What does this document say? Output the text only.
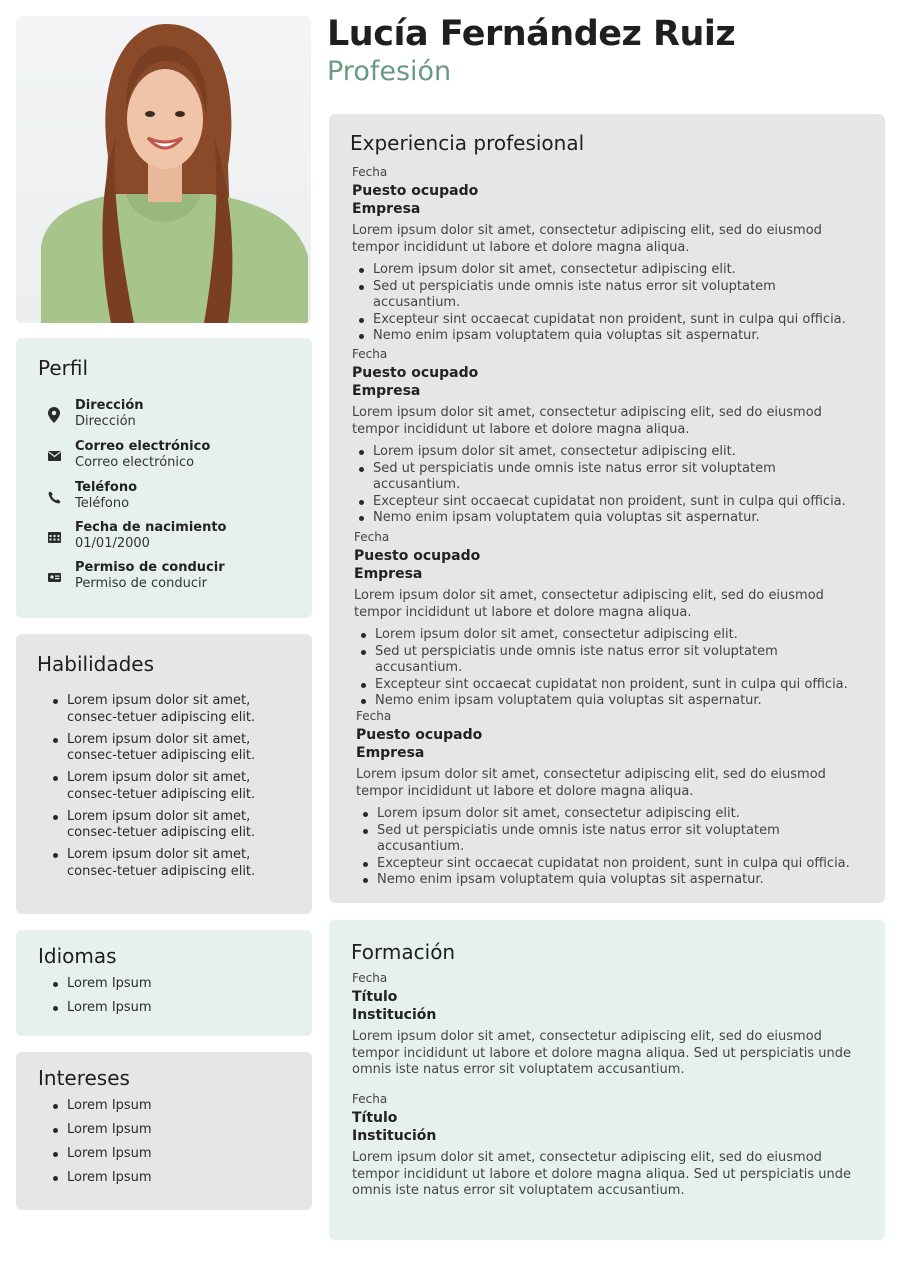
Lucía Fernández Ruiz
Profesión
Perfil
Dirección
Dirección
Correo electrónico
Correo electrónico
Teléfono
Teléfono
Fecha de nacimiento
01/01/2000
Permiso de conducir
Permiso de conducir
Habilidades
Lorem ipsum dolor sit amet, consec-tetuer adipiscing elit.
Lorem ipsum dolor sit amet, consec-tetuer adipiscing elit.
Lorem ipsum dolor sit amet, consec-tetuer adipiscing elit.
Lorem ipsum dolor sit amet, consec-tetuer adipiscing elit.
Lorem ipsum dolor sit amet, consec-tetuer adipiscing elit.
Idiomas
Lorem Ipsum
Lorem Ipsum
Intereses
Lorem Ipsum
Lorem Ipsum
Lorem Ipsum
Lorem Ipsum
Experiencia profesional
Fecha
Puesto ocupado
Empresa
Lorem ipsum dolor sit amet, consectetur adipiscing elit, sed do eiusmod tempor incididunt ut labore et dolore magna aliqua.
Lorem ipsum dolor sit amet, consectetur adipiscing elit.
Sed ut perspiciatis unde omnis iste natus error sit voluptatem accusantium.
Excepteur sint occaecat cupidatat non proident, sunt in culpa qui officia.
Nemo enim ipsam voluptatem quia voluptas sit aspernatur.
Fecha
Puesto ocupado
Empresa
Lorem ipsum dolor sit amet, consectetur adipiscing elit, sed do eiusmod tempor incididunt ut labore et dolore magna aliqua.
Lorem ipsum dolor sit amet, consectetur adipiscing elit.
Sed ut perspiciatis unde omnis iste natus error sit voluptatem accusantium.
Excepteur sint occaecat cupidatat non proident, sunt in culpa qui officia.
Nemo enim ipsam voluptatem quia voluptas sit aspernatur.
Fecha
Puesto ocupado
Empresa
Lorem ipsum dolor sit amet, consectetur adipiscing elit, sed do eiusmod tempor incididunt ut labore et dolore magna aliqua.
Lorem ipsum dolor sit amet, consectetur adipiscing elit.
Sed ut perspiciatis unde omnis iste natus error sit voluptatem accusantium.
Excepteur sint occaecat cupidatat non proident, sunt in culpa qui officia.
Nemo enim ipsam voluptatem quia voluptas sit aspernatur.
Fecha
Puesto ocupado
Empresa
Lorem ipsum dolor sit amet, consectetur adipiscing elit, sed do eiusmod tempor incididunt ut labore et dolore magna aliqua.
Lorem ipsum dolor sit amet, consectetur adipiscing elit.
Sed ut perspiciatis unde omnis iste natus error sit voluptatem accusantium.
Excepteur sint occaecat cupidatat non proident, sunt in culpa qui officia.
Nemo enim ipsam voluptatem quia voluptas sit aspernatur.
Formación
Fecha
Título
Institución
Lorem ipsum dolor sit amet, consectetur adipiscing elit, sed do eiusmod tempor incididunt ut labore et dolore magna aliqua. Sed ut perspiciatis unde omnis iste natus error sit voluptatem accusantium.
Fecha
Título
Institución
Lorem ipsum dolor sit amet, consectetur adipiscing elit, sed do eiusmod tempor incididunt ut labore et dolore magna aliqua. Sed ut perspiciatis unde omnis iste natus error sit voluptatem accusantium.
